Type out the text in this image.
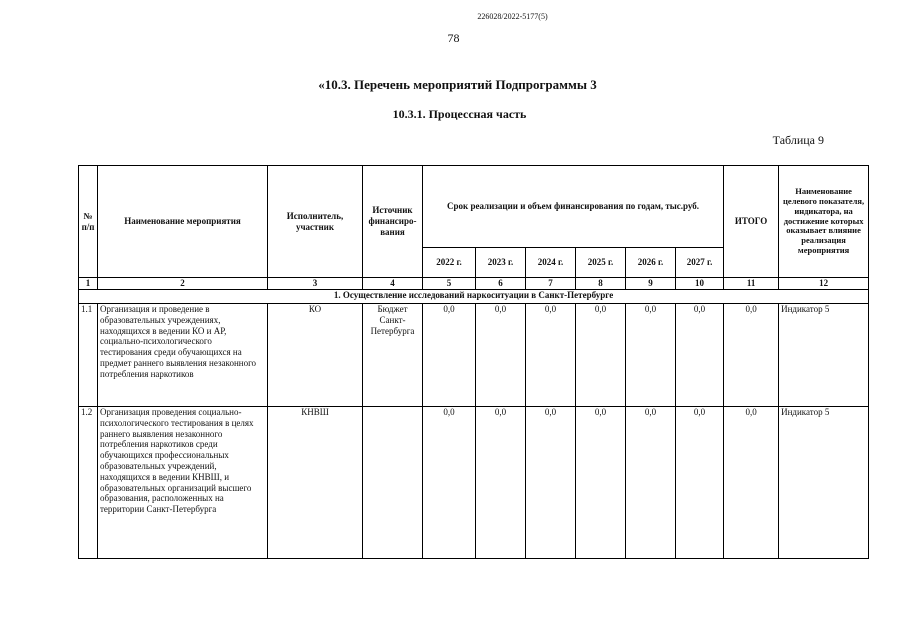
226028/2022-5177(5)
78
«10.3. Перечень мероприятий Подпрограммы 3
10.3.1. Процессная часть
Таблица 9
№ п/п	Наименование мероприятия	Исполнитель, участник	Источник финансиро-вания	Срок реализации и объем финансирования по годам, тыс.руб.						ИТОГО	Наименование целевого показателя, индикатора, на достижение которых оказывает влияние реализация мероприятия
				2022 г.	2023 г.	2024 г.	2025 г.	2026 г.	2027 г.		
1	2	3	4	5	6	7	8	9	10	11	12
1. Осуществление исследований наркоситуации в Санкт-Петербурге											
1.1	Организация и проведение в образовательных учреждениях, находящихся в ведении КО и АР, социально-психологического тестирования среди обучающихся на предмет раннего выявления незаконного потребления наркотиков	КО	Бюджет Санкт-Петербурга	0,0	0,0	0,0	0,0	0,0	0,0	0,0	Индикатор 5
1.2	Организация проведения социально-психологического тестирования в целях раннего выявления незаконного потребления наркотиков среди обучающихся профессиональных образовательных учреждений, находящихся в ведении КНВШ, и образовательных организаций высшего образования, расположенных на территории Санкт-Петербурга	КНВШ		0,0	0,0	0,0	0,0	0,0	0,0	0,0	Индикатор 5
